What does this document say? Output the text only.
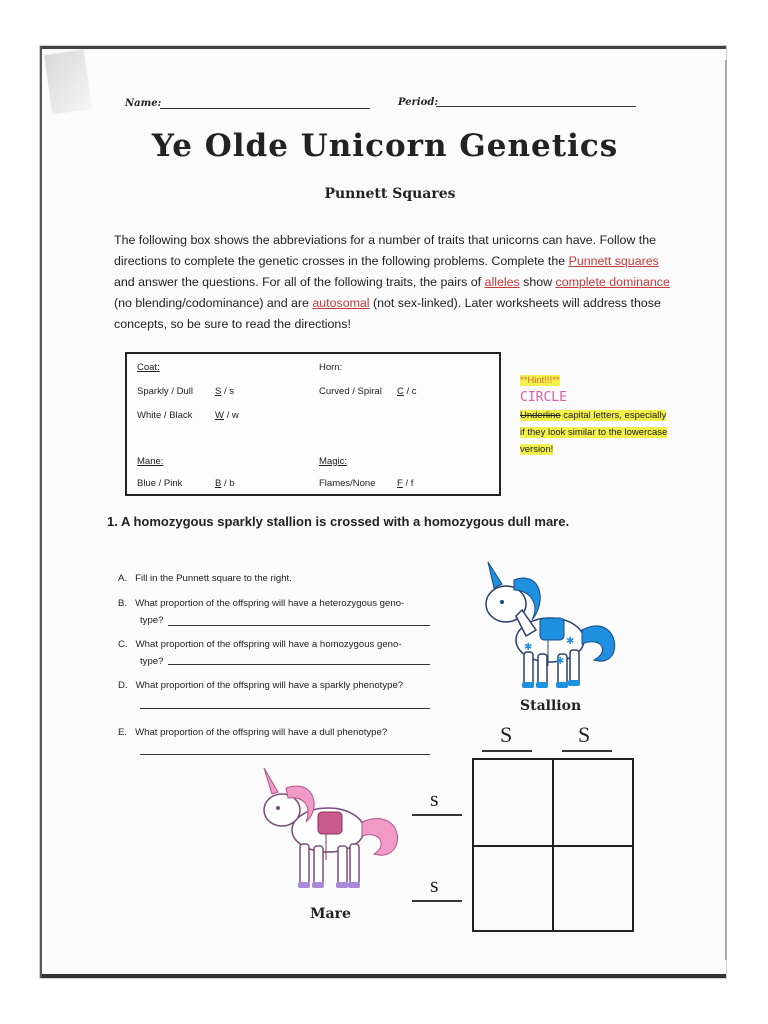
Name:	Period:
Ye Olde Unicorn Genetics
Punnett Squares
The following box shows the abbreviations for a number of traits that unicorns can have. Follow the directions to complete the genetic crosses in the following problems. Complete the Punnett squares and answer the questions. For all of the following traits, the pairs of alleles show complete dominance (no blending/codominance) and are autosomal (not sex-linked). Later worksheets will address those concepts, so be sure to read the directions!
Coat:
Sparkly / Dull S / s
White / Black W / w
Horn:
Curved / Spiral C / c
Mane:
Blue / Pink	B / b
Magic:
Flames/None F / f
**Hint!!!**
CIRCLE
Underline capital letters, especially if they look similar to the lowercase version!
1. A homozygous sparkly stallion is crossed with a homozygous dull mare.
A. Fill in the Punnett square to the right.
B. What proportion of the offspring will have a heterozygous geno-
type?
C. What proportion of the offspring will have a homozygous geno-
type?
D. What proportion of the offspring will have a sparkly phenotype?
E. What proportion of the offspring will have a dull phenotype?
✱
✱
✱
Stallion
Mare
S	S
s
s
